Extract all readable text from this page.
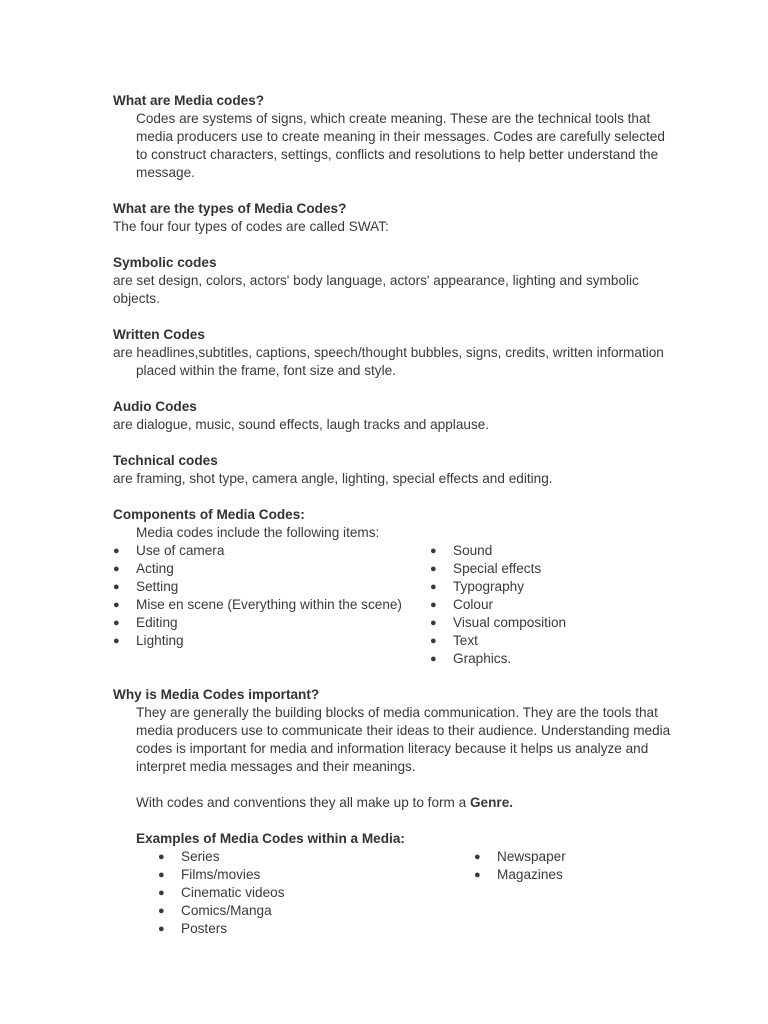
What are Media codes?
Codes are systems of signs, which create meaning. These are the technical tools that media producers use to create meaning in their messages. Codes are carefully selected to construct characters, settings, conflicts and resolutions to help better understand the message.
What are the types of Media Codes?
The four four types of codes are called SWAT:
Symbolic codes
are set design, colors, actors' body language, actors' appearance, lighting and symbolic objects.
Written Codes
are headlines,subtitles, captions, speech/thought bubbles, signs, credits, written information placed within the frame, font size and style.
Audio Codes
are dialogue, music, sound effects, laugh tracks and applause.
Technical codes
are framing, shot type, camera angle, lighting, special effects and editing.
Components of Media Codes:
Media codes include the following items:
● Use of camera
● Acting
● Setting
● Mise en scene (Everything within the scene)
● Editing
● Lighting
● Sound
● Special effects
● Typography
● Colour
● Visual composition
● Text
● Graphics.
Why is Media Codes important?
They are generally the building blocks of media communication. They are the tools that media producers use to communicate their ideas to their audience. Understanding media codes is important for media and information literacy because it helps us analyze and interpret media messages and their meanings.
With codes and conventions they all make up to form a Genre.
Examples of Media Codes within a Media:
● Series
● Films/movies
● Cinematic videos
● Comics/Manga
● Posters
● Newspaper
● Magazines
